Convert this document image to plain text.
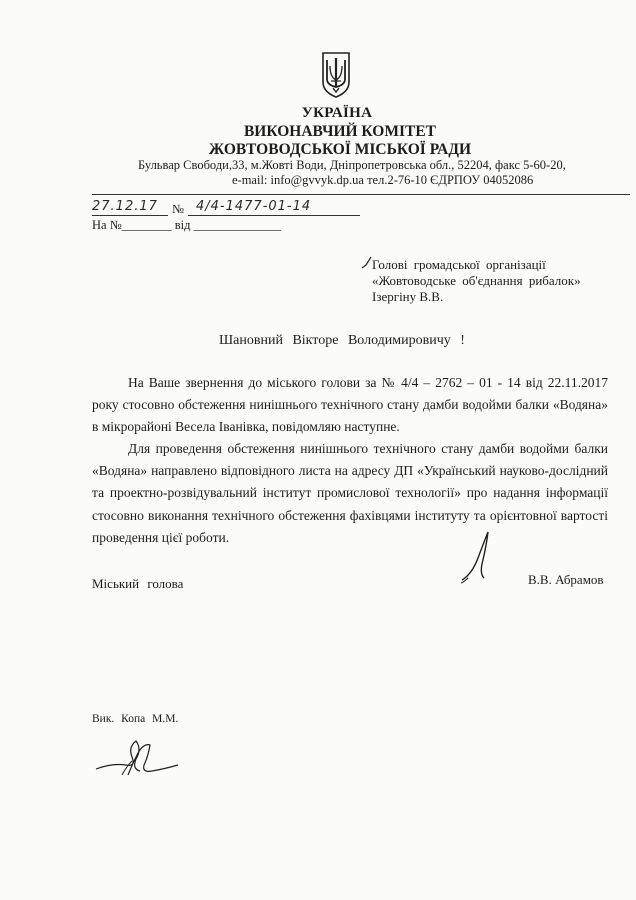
УКРАЇНА
ВИКОНАВЧИЙ КОМІТЕТ
ЖОВТОВОДСЬКОЇ МІСЬКОЇ РАДИ
Бульвар Свободи,33, м.Жовті Води, Дніпропетровська обл., 52204, факс 5-60-20,
e-mail: info@gvvyk.dp.ua тел.2-76-10 ЄДРПОУ 04052086
27.12.17 № 4/4-1477-01-14
На №________ від ______________
Голові громадської організації
«Жовтоводське об'єднання рибалок»
Ізергіну В.В.
Шановний Вікторе Володимировичу !

На Ваше звернення до міського голови за № 4/4 – 2762 – 01 - 14 від 22.11.2017 року стосовно обстеження нинішнього технічного стану дамби водойми балки «Водяна» в мікрорайоні Весела Іванівка, повідомляю наступне.

Для проведення обстеження нинішнього технічного стану дамби водойми балки «Водяна» направлено відповідного листа на адресу ДП «Український науково-дослідний та проектно-розвідувальний інститут промислової технології» про надання інформації стосовно виконання технічного обстеження фахівцями інституту та орієнтовної вартості проведення цієї роботи.

Міський голова	В.В. Абрамов
Вик. Копа М.М.
